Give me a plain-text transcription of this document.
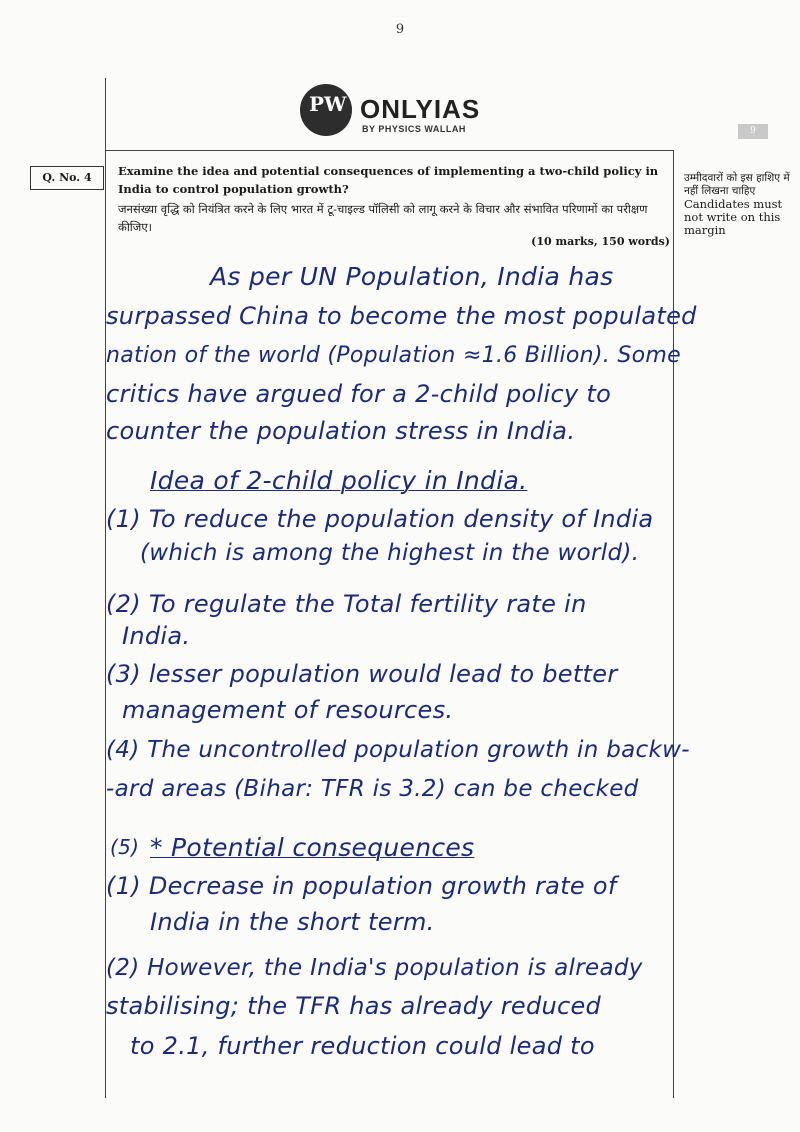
9
9
PW ONLYIAS
BY PHYSICS WALLAH
Q. No. 4	Examine the idea and potential consequences of implementing a two-child policy in India to control population growth?
जनसंख्या वृद्धि को नियंत्रित करने के लिए भारत में टू-चाइल्ड पॉलिसी को लागू करने के विचार और संभावित परिणामों का परीक्षण कीजिए।
(10 marks, 150 words)
उम्मीदवारों को इस हाशिए में नहीं लिखना चाहिए
Candidates must not write on this margin
As per UN Population, India has
surpassed China to become the most populated
nation of the world (Population ≈1.6 Billion). Some
critics have argued for a 2-child policy to
counter the population stress in India.
Idea of 2-child policy in India.
(1) To reduce the population density of India
(which is among the highest in the world).
(2) To regulate the Total fertility rate in
India.
(3) lesser population would lead to better
management of resources.
(4) The uncontrolled population growth in backw-
-ard areas (Bihar: TFR is 3.2) can be checked
(5) * Potential consequences
(1) Decrease in population growth rate of
India in the short term.
(2) However, the India's population is already
stabilising; the TFR has already reduced
to 2.1, further reduction could lead to
